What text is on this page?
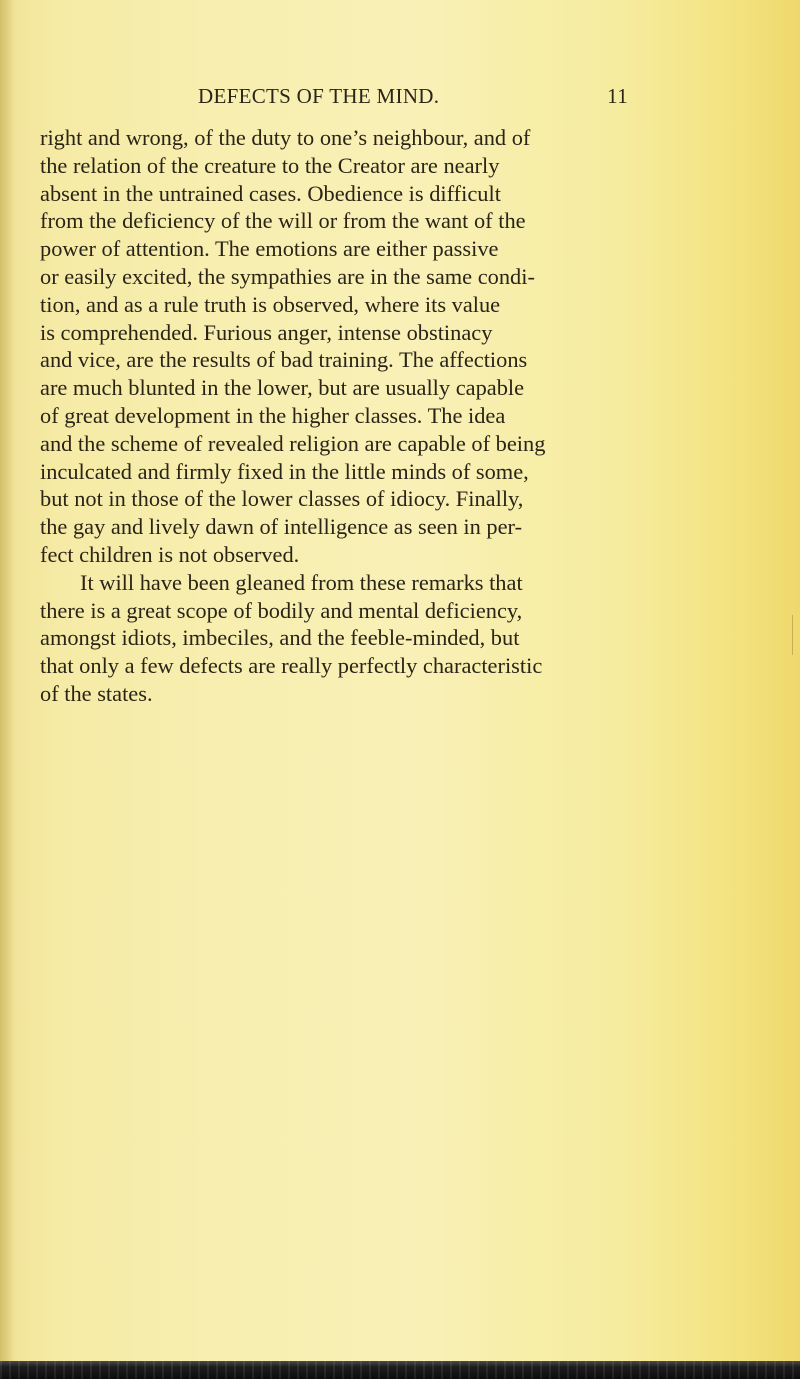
DEFECTS OF THE MIND.	11
right and wrong, of the duty to one’s neighbour, and of
the relation of the creature to the Creator are nearly
absent in the untrained cases. Obedience is difficult
from the deficiency of the will or from the want of the
power of attention. The emotions are either passive
or easily excited, the sympathies are in the same condi-
tion, and as a rule truth is observed, where its value
is comprehended. Furious anger, intense obstinacy
and vice, are the results of bad training. The affections
are much blunted in the lower, but are usually capable
of great development in the higher classes. The idea
and the scheme of revealed religion are capable of being
inculcated and firmly fixed in the little minds of some,
but not in those of the lower classes of idiocy. Finally,
the gay and lively dawn of intelligence as seen in per-
fect children is not observed.
It will have been gleaned from these remarks that
there is a great scope of bodily and mental deficiency,
amongst idiots, imbeciles, and the feeble-minded, but
that only a few defects are really perfectly characteristic
of the states.
